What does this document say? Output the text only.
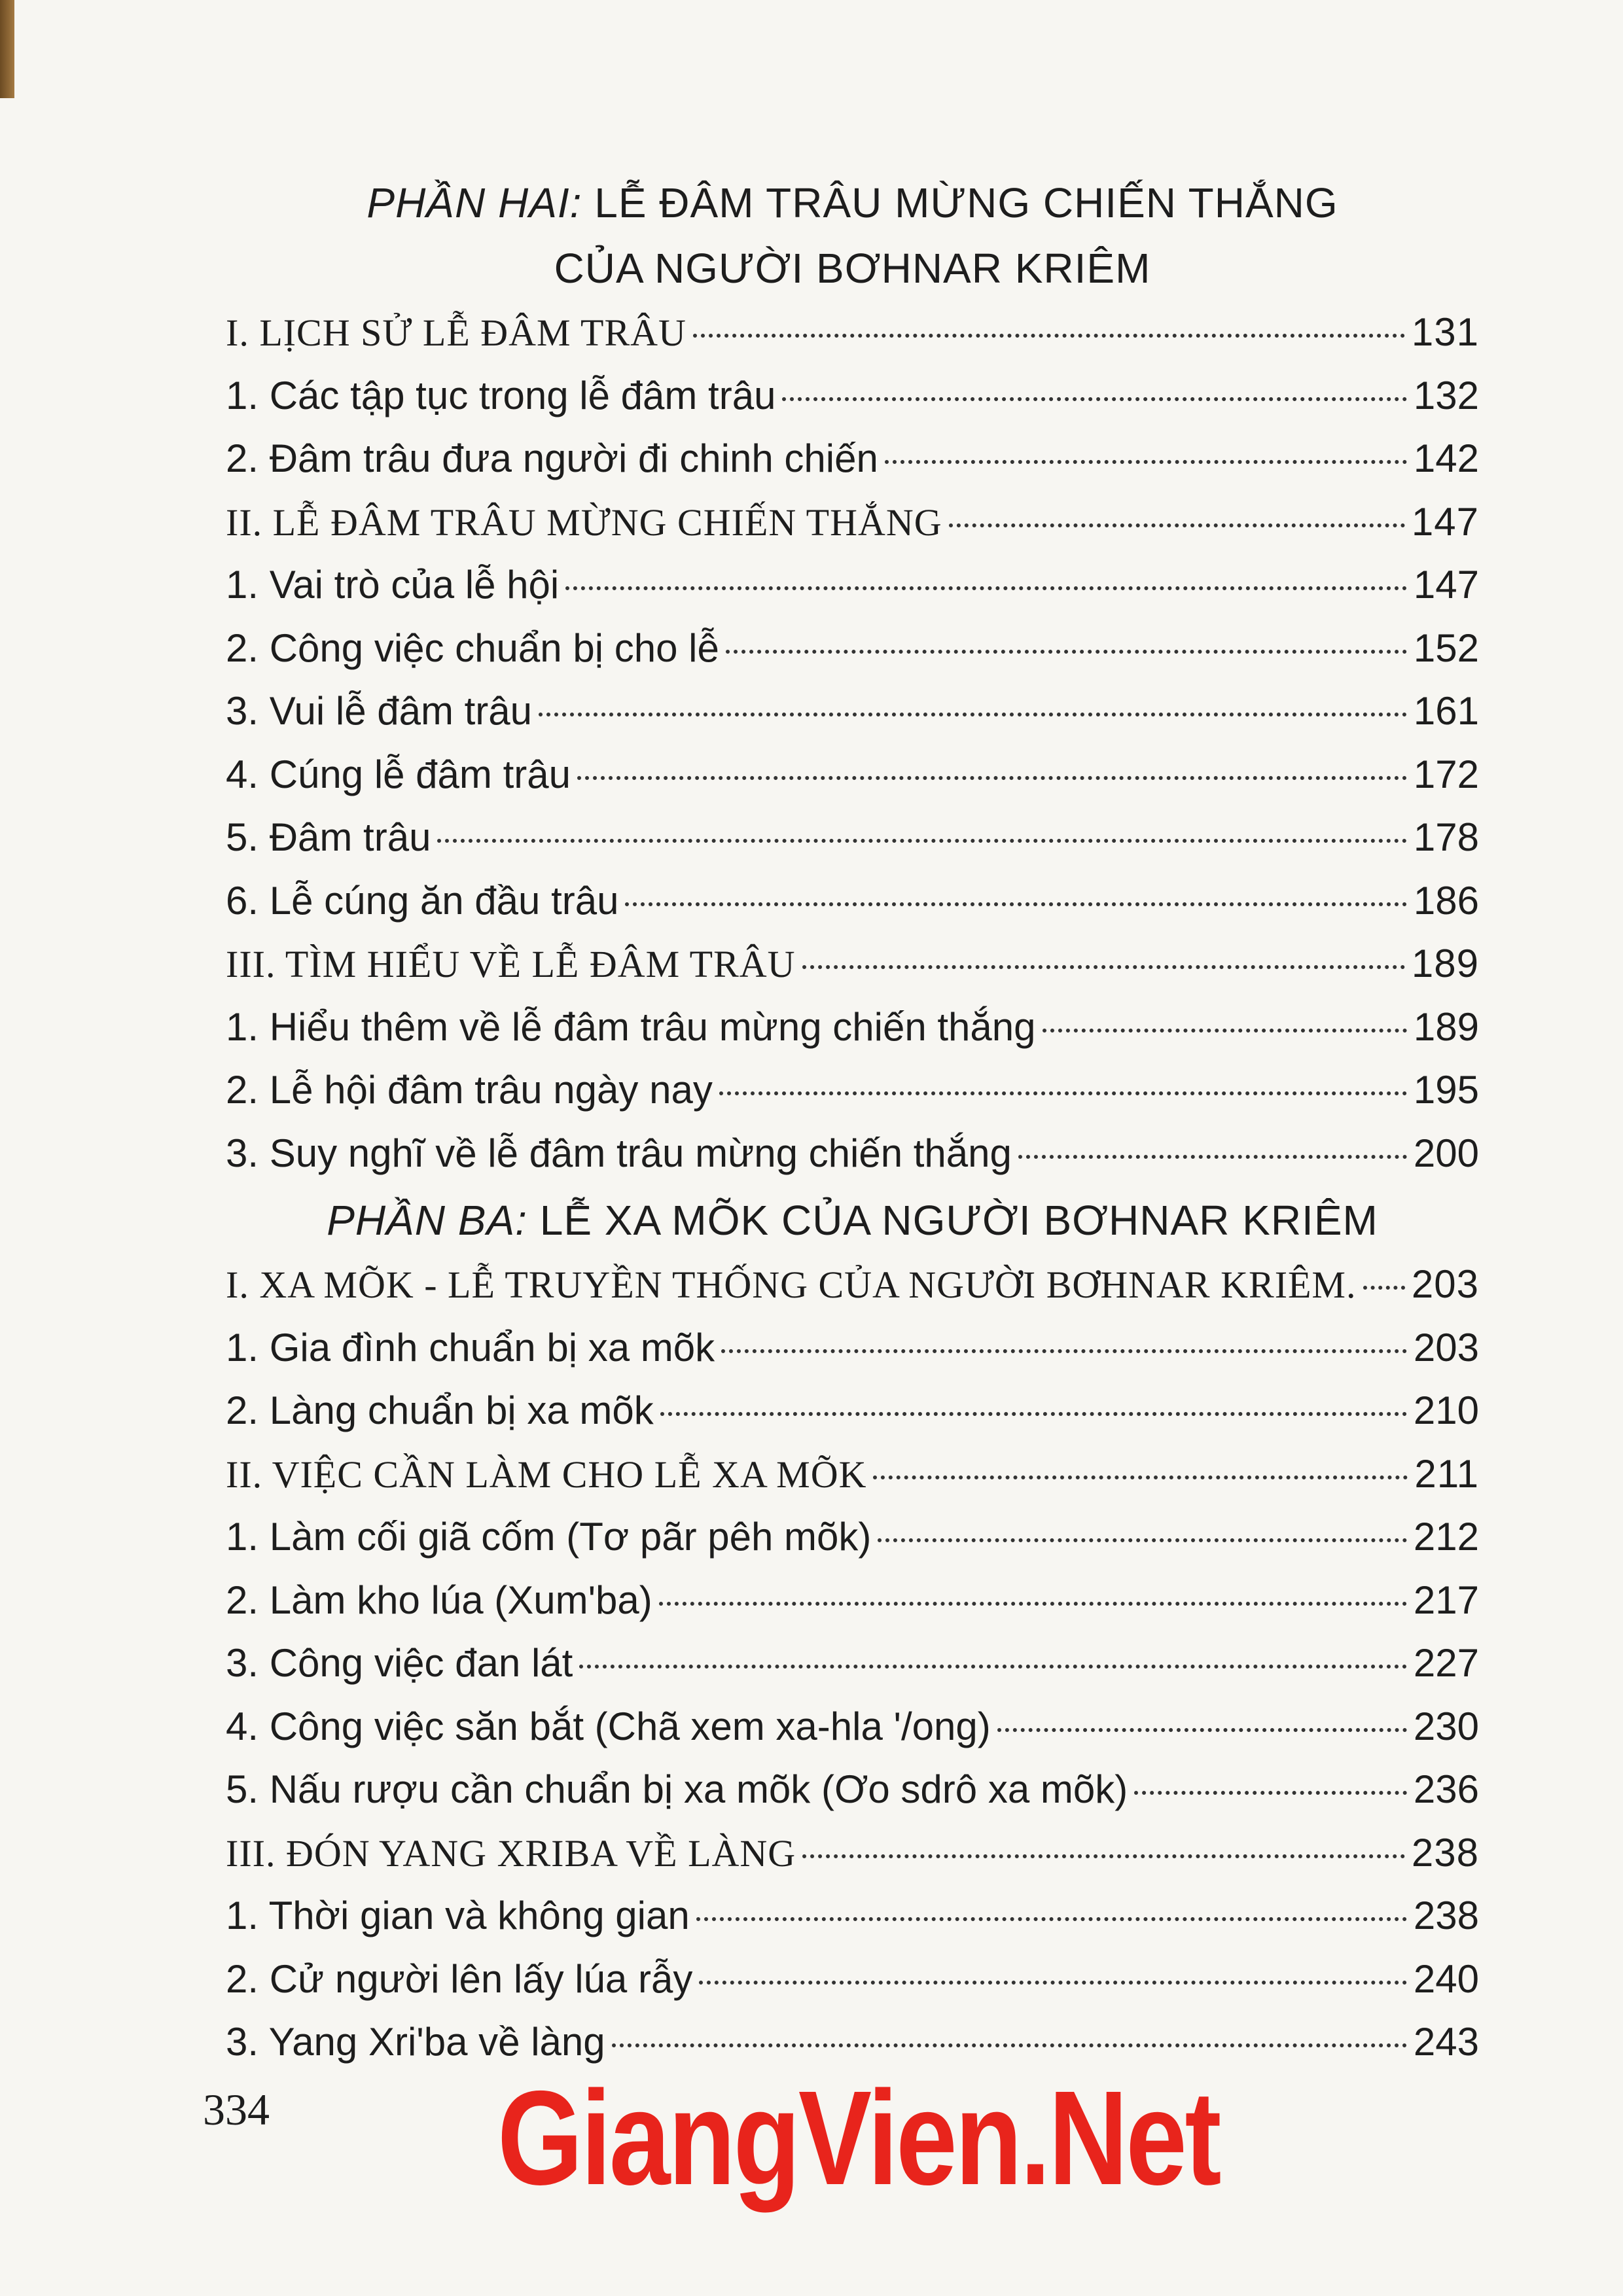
PHẦN HAI: LỄ ĐÂM TRÂU MỪNG CHIẾN THẮNG
CỦA NGƯỜI BƠHNAR KRIÊM
I. LỊCH SỬ LỄ ĐÂM TRÂU	131
1. Các tập tục trong lễ đâm trâu	132
2. Đâm trâu đưa người đi chinh chiến	142
II. LỄ ĐÂM TRÂU MỪNG CHIẾN THẮNG	147
1. Vai trò của lễ hội	147
2. Công việc chuẩn bị cho lễ	152
3. Vui lễ đâm trâu	161
4. Cúng lễ đâm trâu	172
5. Đâm trâu	178
6. Lễ cúng ăn đầu trâu	186
III. TÌM HIỂU VỀ LỄ ĐÂM TRÂU	189
1. Hiểu thêm về lễ đâm trâu mừng chiến thắng	189
2. Lễ hội đâm trâu ngày nay	195
3. Suy nghĩ về lễ đâm trâu mừng chiến thắng	200
PHẦN BA: LỄ XA MÕK CỦA NGƯỜI BƠHNAR KRIÊM
I. XA MÕK - LỄ TRUYỀN THỐNG CỦA NGƯỜI BƠHNAR KRIÊM. 203
1. Gia đình chuẩn bị xa mõk	203
2. Làng chuẩn bị xa mõk	210
II. VIỆC CẦN LÀM CHO LỄ XA MÕK	211
1. Làm cối giã cốm (Tơ pãr pêh mõk)	212
2. Làm kho lúa (Xum'ba)	217
3. Công việc đan lát	227
4. Công việc săn bắt (Chã xem xa-hla '/ong)	230
5. Nấu rượu cần chuẩn bị xa mõk (Ơo sdrô xa mõk)	236
III. ĐÓN YANG XRIBA VỀ LÀNG	238
1. Thời gian và không gian	238
2. Cử người lên lấy lúa rẫy	240
3. Yang Xri'ba về làng	243
334 GiangVien.Net
